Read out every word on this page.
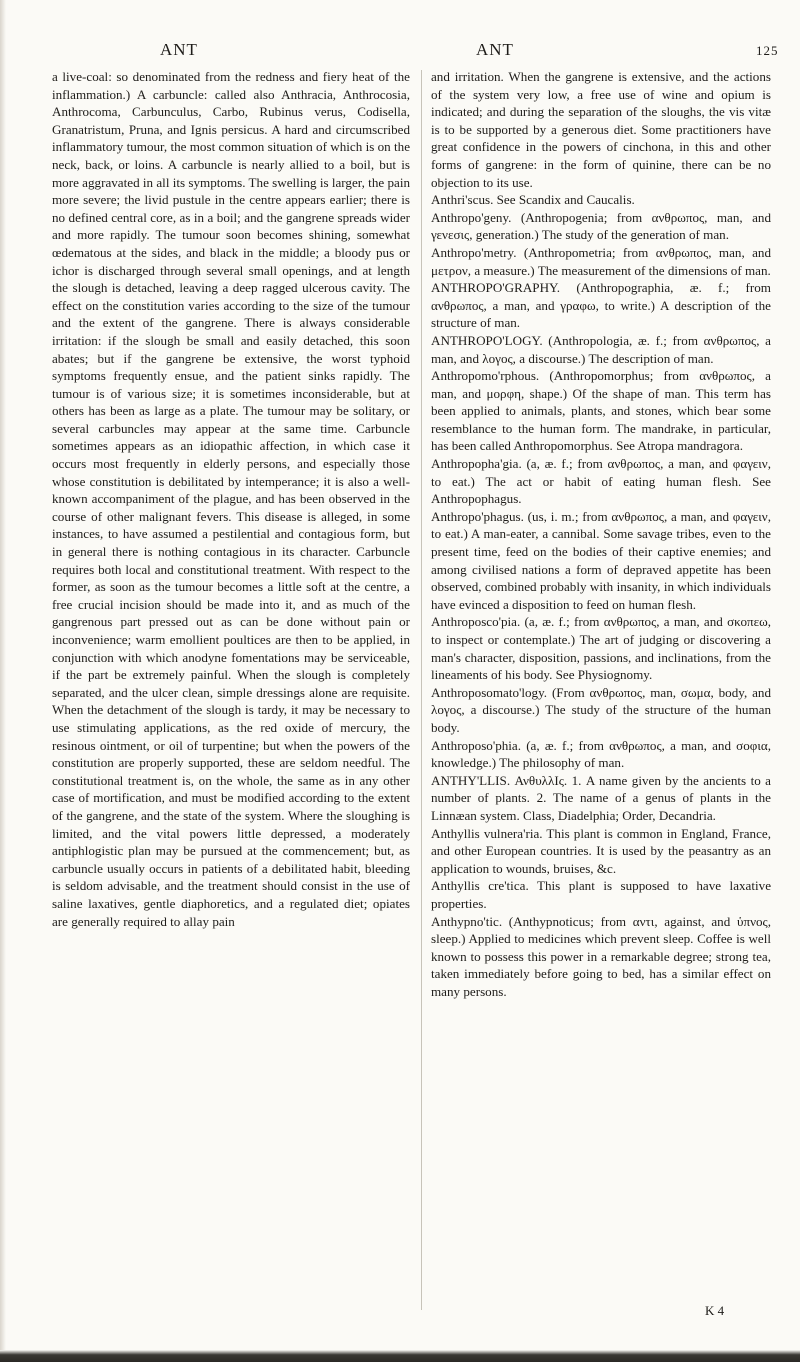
ANT	ANT	125

a live-coal: so denominated from the redness and fiery heat of the inflammation.) A carbuncle: called also Anthracia, Anthrocosia, Anthrocoma, Carbunculus, Carbo, Rubinus verus, Codisella, Granatristum, Pruna, and Ignis persicus. A hard and circumscribed inflammatory tumour, the most common situation of which is on the neck, back, or loins. A carbuncle is nearly allied to a boil, but is more aggravated in all its symptoms. The swelling is larger, the pain more severe; the livid pustule in the centre appears earlier; there is no defined central core, as in a boil; and the gangrene spreads wider and more rapidly. The tumour soon becomes shining, somewhat œdematous at the sides, and black in the middle; a bloody pus or ichor is discharged through several small openings, and at length the slough is detached, leaving a deep ragged ulcerous cavity. The effect on the constitution varies according to the size of the tumour and the extent of the gangrene. There is always considerable irritation: if the slough be small and easily detached, this soon abates; but if the gangrene be extensive, the worst typhoid symptoms frequently ensue, and the patient sinks rapidly. The tumour is of various size; it is sometimes inconsiderable, but at others has been as large as a plate. The tumour may be solitary, or several carbuncles may appear at the same time. Carbuncle sometimes appears as an idiopathic affection, in which case it occurs most frequently in elderly persons, and especially those whose constitution is debilitated by intemperance; it is also a well-known accompaniment of the plague, and has been observed in the course of other malignant fevers. This disease is alleged, in some instances, to have assumed a pestilential and contagious form, but in general there is nothing contagious in its character. Carbuncle requires both local and constitutional treatment. With respect to the former, as soon as the tumour becomes a little soft at the centre, a free crucial incision should be made into it, and as much of the gangrenous part pressed out as can be done without pain or inconvenience; warm emollient poultices are then to be applied, in conjunction with which anodyne fomentations may be serviceable, if the part be extremely painful. When the slough is completely separated, and the ulcer clean, simple dressings alone are requisite. When the detachment of the slough is tardy, it may be necessary to use stimulating applications, as the red oxide of mercury, the resinous ointment, or oil of turpentine; but when the powers of the constitution are properly supported, these are seldom needful. The constitutional treatment is, on the whole, the same as in any other case of mortification, and must be modified according to the extent of the gangrene, and the state of the system. Where the sloughing is limited, and the vital powers little depressed, a moderately antiphlogistic plan may be pursued at the commencement; but, as carbuncle usually occurs in patients of a debilitated habit, bleeding is seldom advisable, and the treatment should consist in the use of saline laxatives, gentle diaphoretics, and a regulated diet; opiates are generally required to allay pain

and irritation. When the gangrene is extensive, and the actions of the system very low, a free use of wine and opium is indicated; and during the separation of the sloughs, the vis vitæ is to be supported by a generous diet. Some practitioners have great confidence in the powers of cinchona, in this and other forms of gangrene: in the form of quinine, there can be no objection to its use.

Anthri'scus. See Scandix and Caucalis.

Anthropo'geny. (Anthropogenia; from ανθρωπος, man, and γενεσις, generation.) The study of the generation of man.

Anthropo'metry. (Anthropometria; from ανθρωπος, man, and μετρον, a measure.) The measurement of the dimensions of man.

ANTHROPO'GRAPHY. (Anthropographia, æ. f.; from ανθρωπος, a man, and γραφω, to write.) A description of the structure of man.

ANTHROPO'LOGY. (Anthropologia, æ. f.; from ανθρωπος, a man, and λογος, a discourse.) The description of man.

Anthropomo'rphous. (Anthropomorphus; from ανθρωπος, a man, and μορφη, shape.) Of the shape of man. This term has been applied to animals, plants, and stones, which bear some resemblance to the human form. The mandrake, in particular, has been called Anthropomorphus. See Atropa mandragora.

Anthropopha'gia. (a, æ. f.; from ανθρωπος, a man, and φαγειν, to eat.) The act or habit of eating human flesh. See Anthropophagus.

Anthropo'phagus. (us, i. m.; from ανθρωπος, a man, and φαγειν, to eat.) A man-eater, a cannibal. Some savage tribes, even to the present time, feed on the bodies of their captive enemies; and among civilised nations a form of depraved appetite has been observed, combined probably with insanity, in which individuals have evinced a disposition to feed on human flesh.

Anthroposco'pia. (a, æ. f.; from ανθρωπος, a man, and σκοπεω, to inspect or contemplate.) The art of judging or discovering a man's character, disposition, passions, and inclinations, from the lineaments of his body. See Physiognomy.

Anthroposomato'logy. (From ανθρωπος, man, σωμα, body, and λογος, a discourse.) The study of the structure of the human body.

Anthroposo'phia. (a, æ. f.; from ανθρωπος, a man, and σοφια, knowledge.) The philosophy of man.

ANTHY'LLIS. ΑνθυλλΙς. 1. A name given by the ancients to a number of plants. 2. The name of a genus of plants in the Linnæan system. Class, Diadelphia; Order, Decandria.

Anthyllis vulnera'ria. This plant is common in England, France, and other European countries. It is used by the peasantry as an application to wounds, bruises, &c.

Anthyllis cre'tica. This plant is supposed to have laxative properties.

Anthypno'tic. (Anthypnoticus; from αντι, against, and ὑπνος, sleep.) Applied to medicines which prevent sleep. Coffee is well known to possess this power in a remarkable degree; strong tea, taken immediately before going to bed, has a similar effect on many persons.

K 4
